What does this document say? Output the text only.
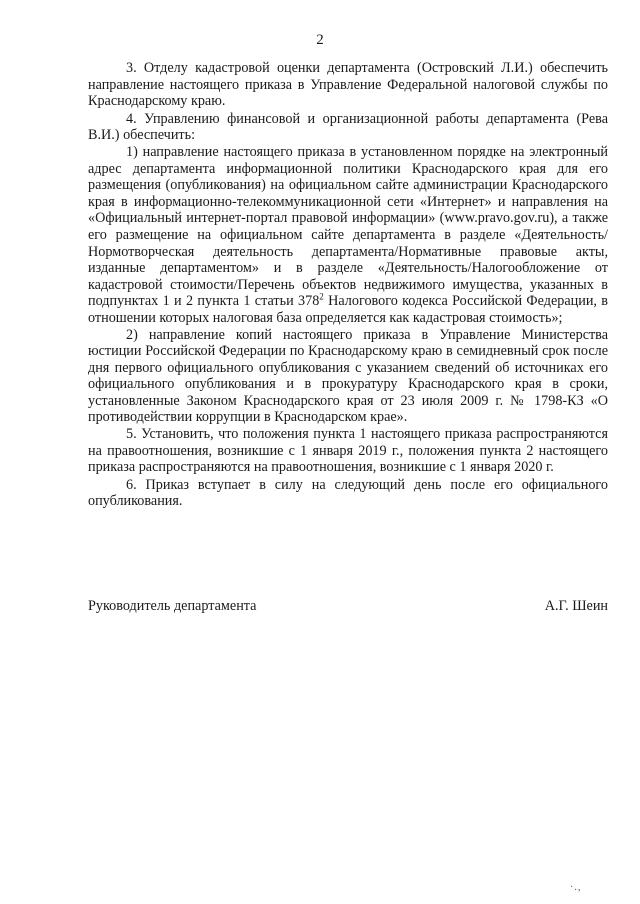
2

3. Отделу кадастровой оценки департамента (Островский Л.И.) обеспечить направление настоящего приказа в Управление Федеральной налоговой службы по Краснодарскому краю.

4. Управлению финансовой и организационной работы департамента (Рева В.И.) обеспечить:

1) направление настоящего приказа в установленном порядке на электронный адрес департамента информационной политики Краснодарского края для его размещения (опубликования) на официальном сайте администрации Краснодарского края в информационно-телекоммуникационной сети «Интернет» и направления на «Официальный интернет-портал правовой информации» (www.pravo.gov.ru), а также его размещение на официальном сайте департамента в разделе «Деятельность/Нормотворческая деятельность департамента/Нормативные правовые акты, изданные департаментом» и в разделе «Деятельность/Налогообложение от кадастровой стоимости/Перечень объектов недвижимого имущества, указанных в подпунктах 1 и 2 пункта 1 статьи $378^2$ Налогового кодекса Российской Федерации, в отношении которых налоговая база определяется как кадастровая стоимость»;

2) направление копий настоящего приказа в Управление Министерства юстиции Российской Федерации по Краснодарскому краю в семидневный срок после дня первого официального опубликования с указанием сведений об источниках его официального опубликования и в прокуратуру Краснодарского края в сроки, установленные Законом Краснодарского края от 23 июля 2009 г. № 1798-КЗ «О противодействии коррупции в Краснодарском крае».

5. Установить, что положения пункта 1 настоящего приказа распространяются на правоотношения, возникшие с 1 января 2019 г., положения пункта 2 настоящего приказа распространяются на правоотношения, возникшие с 1 января 2020 г.

6. Приказ вступает в силу на следующий день после его официального опубликования.

Руководитель департамента	А.Г. Шеин
·.,
